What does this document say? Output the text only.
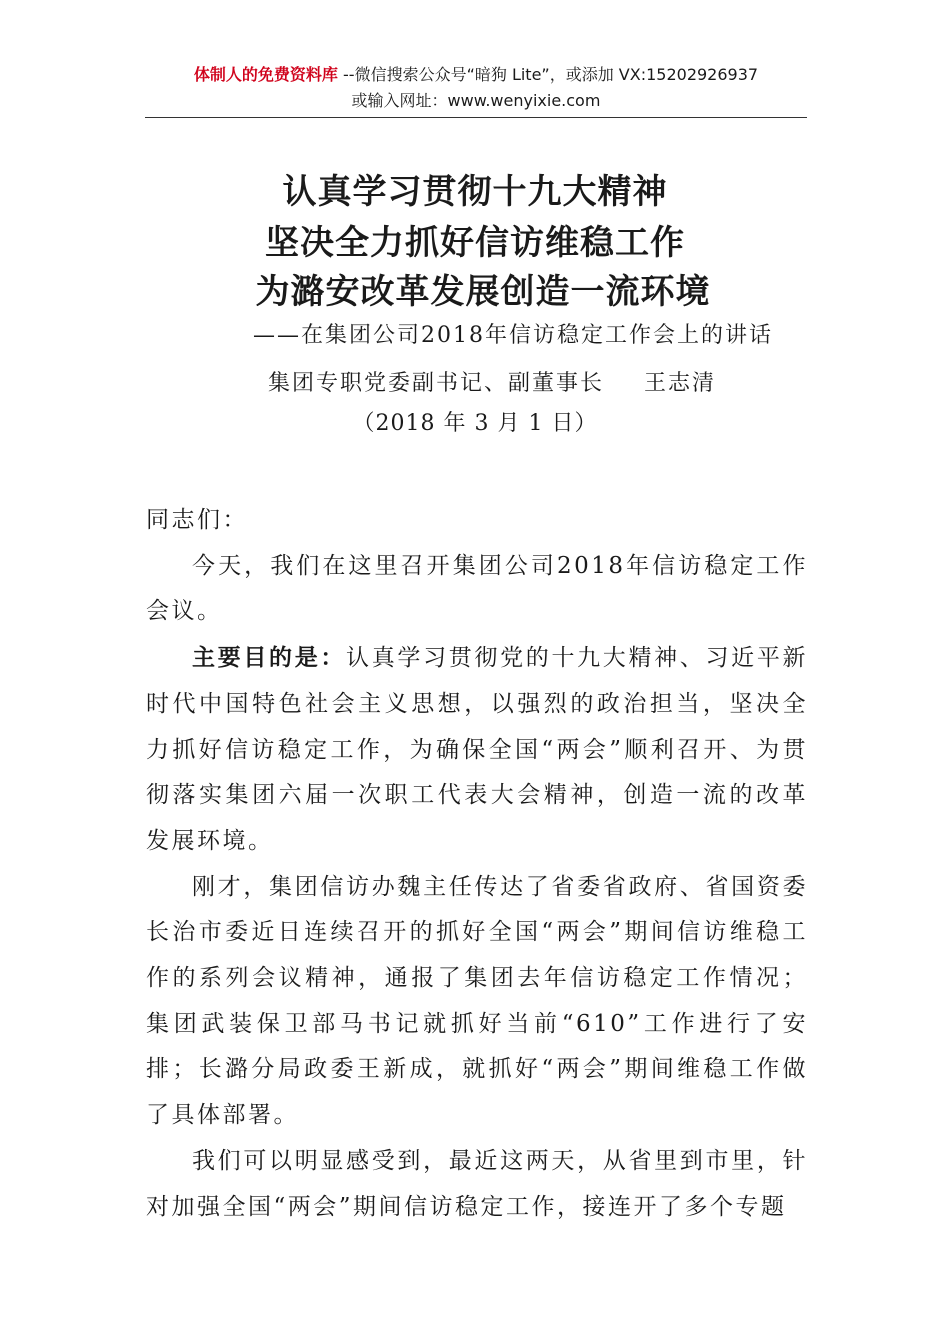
体制人的免费资料库 --微信搜索公众号“暗狗 Lite”，或添加 VX:15202926937
或输入网址：www.wenyixie.com
认真学习贯彻十九大精神
坚决全力抓好信访维稳工作
为潞安改革发展创造一流环境
——在集团公司2018年信访稳定工作会上的讲话
集团专职党委副书记、副董事长 王志清
（2018 年 3 月 1 日）

同志们：

今天，我们在这里召开集团公司2018年信访稳定工作会议。

主要目的是：认真学习贯彻党的十九大精神、习近平新时代中国特色社会主义思想，以强烈的政治担当，坚决全力抓好信访稳定工作，为确保全国“两会”顺利召开、为贯彻落实集团六届一次职工代表大会精神，创造一流的改革发展环境。

刚才，集团信访办魏主任传达了省委省政府、省国资委长治市委近日连续召开的抓好全国“两会”期间信访维稳工作的系列会议精神，通报了集团去年信访稳定工作情况；集团武装保卫部马书记就抓好当前“610”工作进行了安排；长潞分局政委王新成，就抓好“两会”期间维稳工作做了具体部署。

我们可以明显感受到，最近这两天，从省里到市里，针对加强全国“两会”期间信访稳定工作，接连开了多个专题
